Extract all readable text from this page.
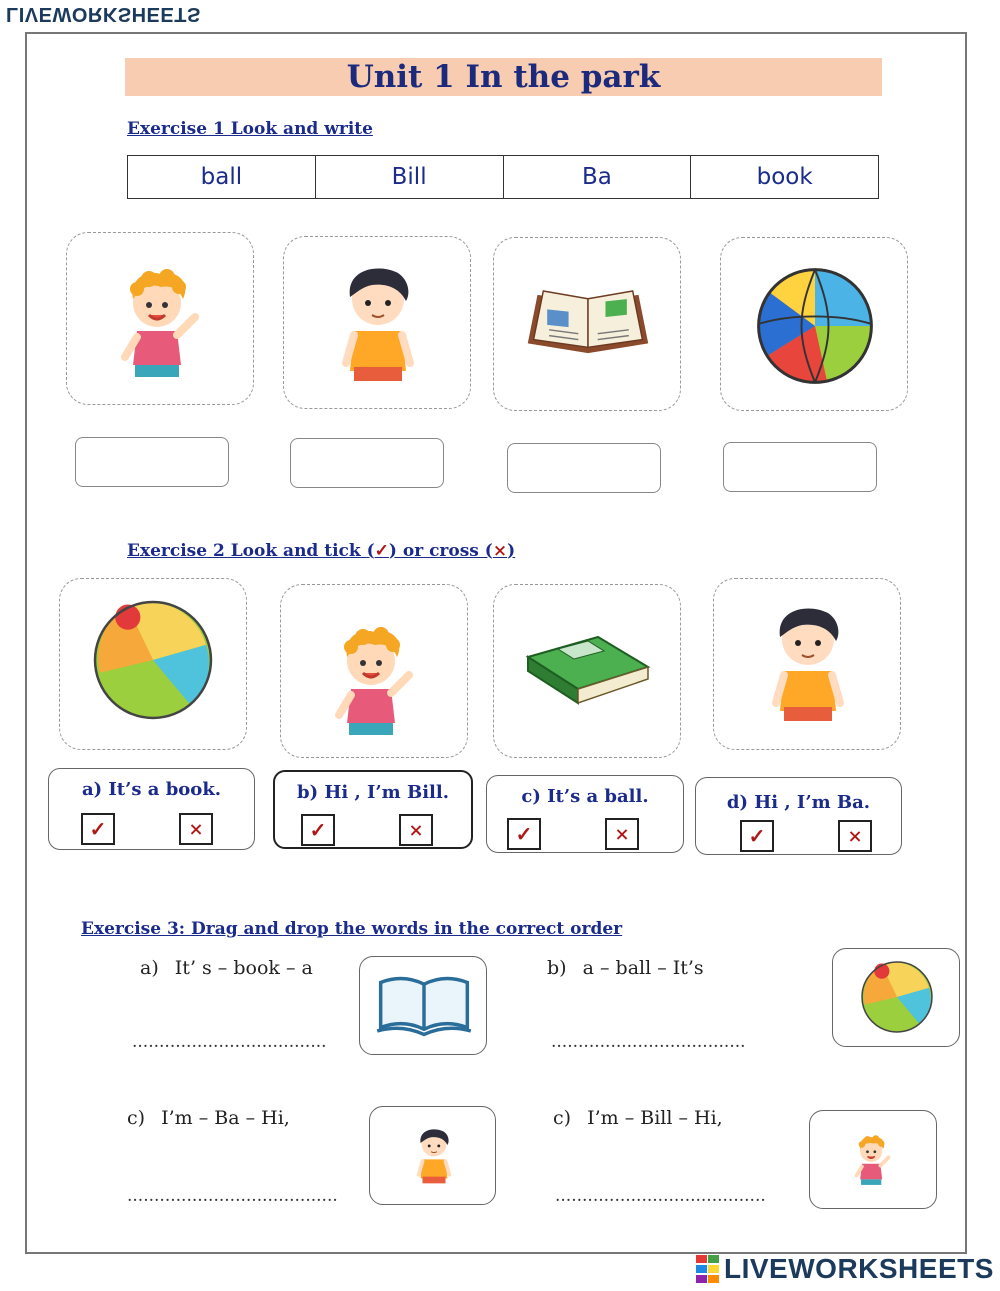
LIVEWORKSHEETS
Unit 1 In the park
Exercise 1 Look and write
ball	Bill	Ba	book
Exercise 2 Look and tick (✓) or cross (×)
a) It’s a book.
✓	×
b) Hi , I’m Bill.
✓	×
c) It’s a ball.
✓	×
d) Hi , I’m Ba.
✓	×
Exercise 3: Drag and drop the words in the correct order
a) It’ s – book – a
....................................
b) a – ball – It’s
....................................
c) I’m – Ba – Hi,
.......................................
c) I’m – Bill – Hi,
.......................................
LIVEWORKSHEETS
